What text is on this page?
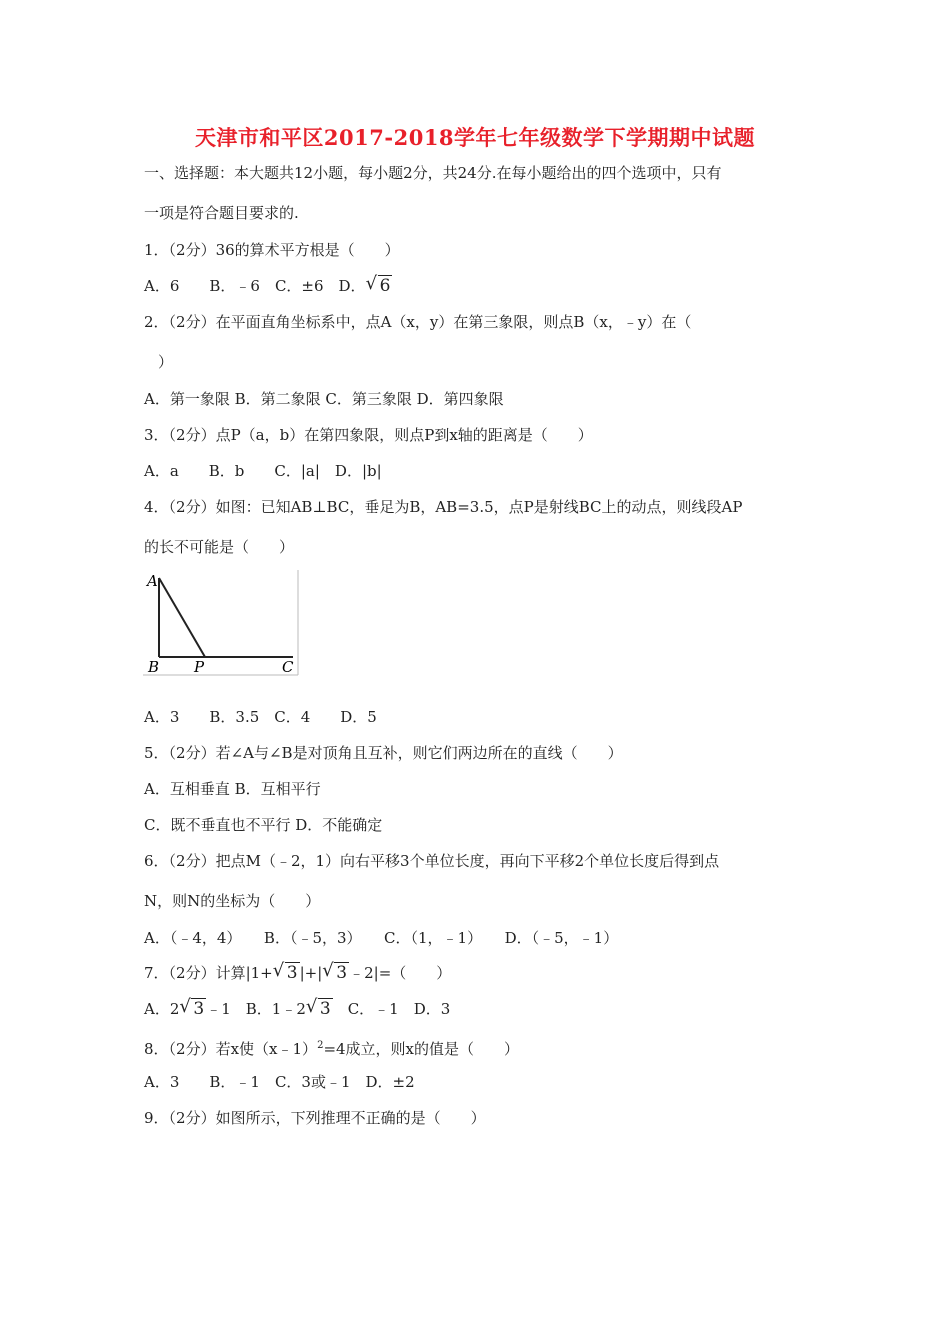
天津市和平区2017-2018学年七年级数学下学期期中试题
一、选择题：本大题共12小题，每小题2分，共24分.在每小题给出的四个选项中，只有
一项是符合题目要求的.
1．（2分）36的算术平方根是（　　）
A．6　　B．﹣6　C．±6　D． √ 6
2．（2分）在平面直角坐标系中，点A（x，y）在第三象限，则点B（x，﹣y）在（
）
A．第一象限 B．第二象限 C．第三象限 D．第四象限
3．（2分）点P（a，b）在第四象限，则点P到x轴的距离是（　　）
A．a　　B．b　　C．|a|　D．|b|
4．（2分）如图：已知AB⊥BC，垂足为B，AB=3.5，点P是射线BC上的动点，则线段AP
的长不可能是（　　）
A
B P	C
A．3　　B．3.5　C．4　　D．5
5．（2分）若∠A与∠B是对顶角且互补，则它们两边所在的直线（　　）
A．互相垂直 B．互相平行
C．既不垂直也不平行 D．不能确定
6．（2分）把点M（﹣2，1）向右平移3个单位长度，再向下平移2个单位长度后得到点
N，则N的坐标为（　　）
A．（﹣4，4）　　B．（﹣5，3）　　C．（1，﹣1）　　D．（﹣5，﹣1）
7．（2分）计算|1+ √ 3 |+| √ 3 ﹣2|=（　　）
A．2 √ 3 ﹣1　B．1﹣2 √ 3　C．﹣1　D．3
8．（2分）若x使（x﹣1）$^2$=4成立，则x的值是（　　）
A．3　　B．﹣1　C．3或﹣1　D．±2
9．（2分）如图所示，下列推理不正确的是（　　）
